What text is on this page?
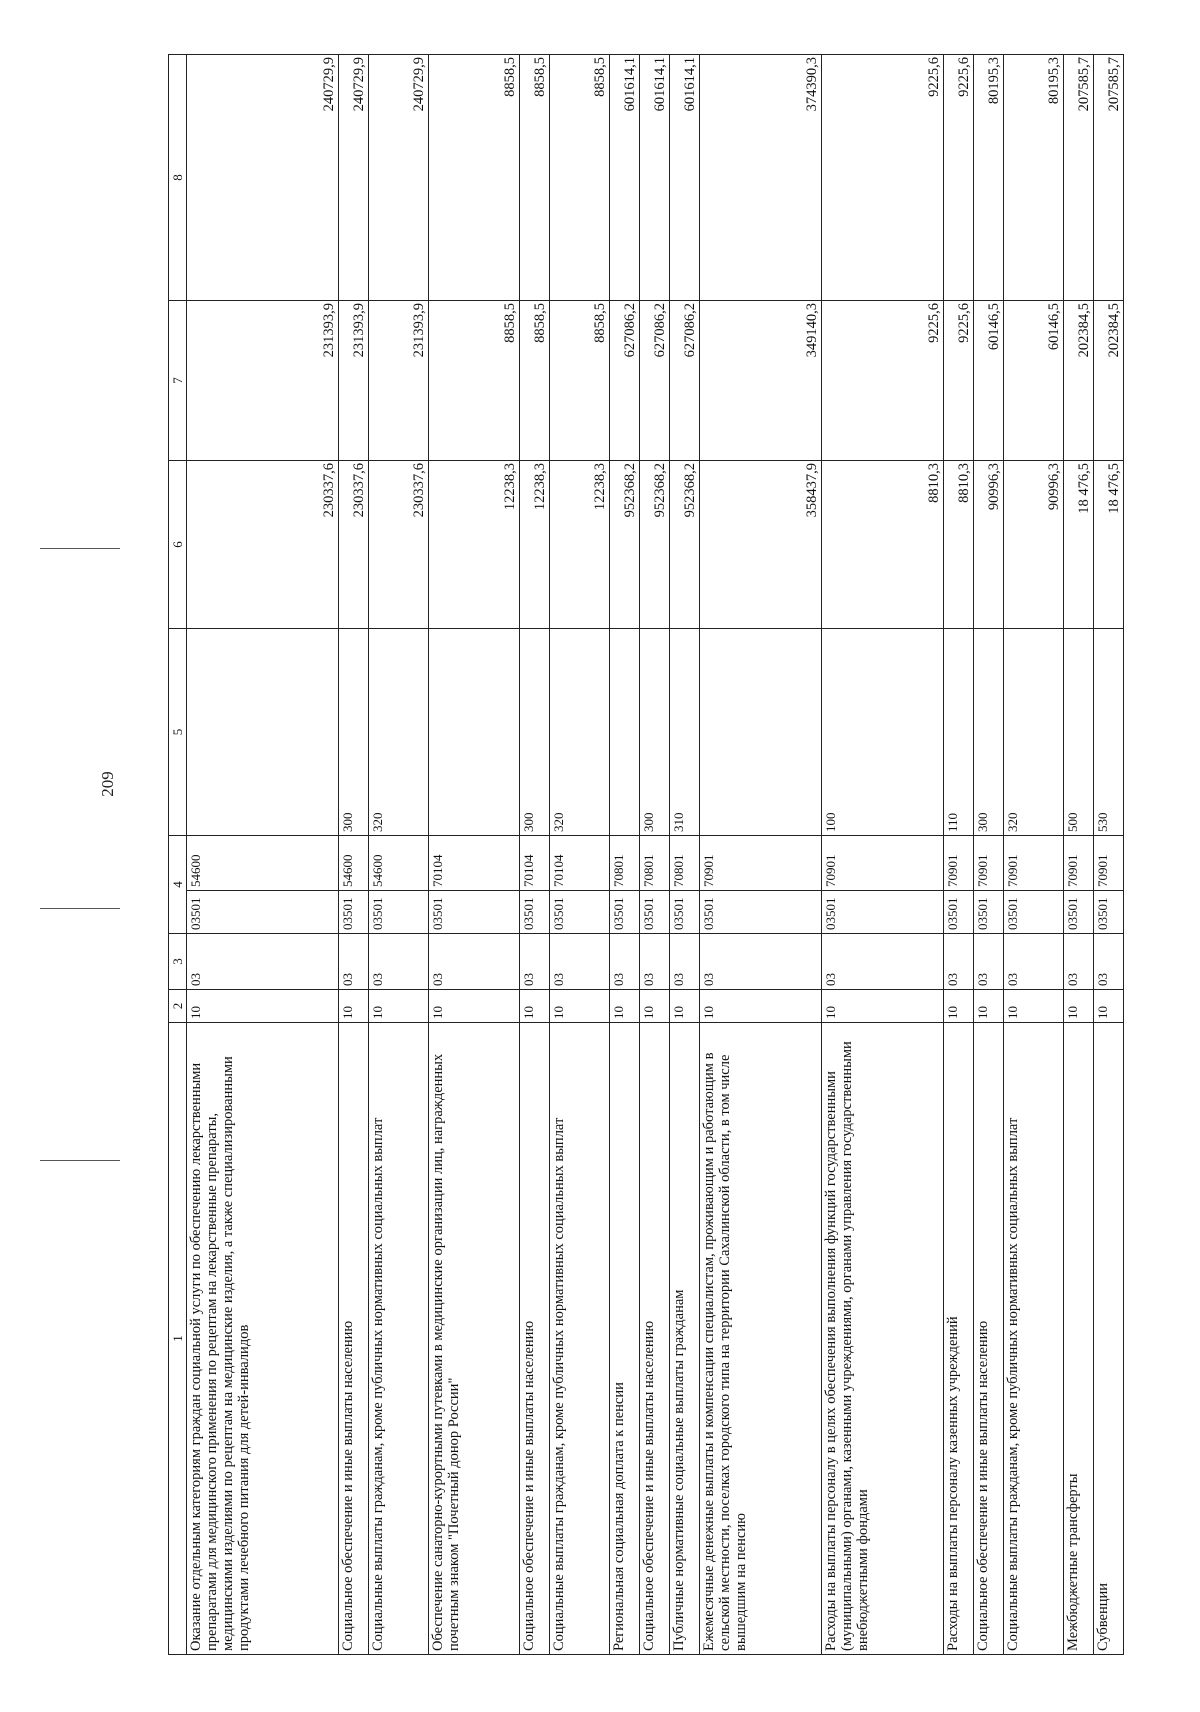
209
1	2	3	4		5	6	7	8
Оказание отдельным категориям граждан социальной услуги по обеспечению лекарственными препаратами для медицинского применения по рецептам на лекарственные препараты, медицинскими изделиями по рецептам на медицинские изделия, а также специализированными продуктами лечебного питания для детей-инвалидов	10	03	03501	54600		230337,6	231393,9	240729,9
Социальное обеспечение и иные выплаты населению	10	03	03501	54600	300	230337,6	231393,9	240729,9
Социальные выплаты гражданам, кроме публичных нормативных социальных выплат	10	03	03501	54600	320	230337,6	231393,9	240729,9
Обеспечение санаторно-курортными путевками в медицинские организации лиц, награжденных почетным знаком "Почетный донор России"	10	03	03501	70104		12238,3	8858,5	8858,5
Социальное обеспечение и иные выплаты населению	10	03	03501	70104	300	12238,3	8858,5	8858,5
Социальные выплаты гражданам, кроме публичных нормативных социальных выплат	10	03	03501	70104	320	12238,3	8858,5	8858,5
Региональная социальная доплата к пенсии	10	03	03501	70801		952368,2	627086,2	601614,1
Социальное обеспечение и иные выплаты населению	10	03	03501	70801	300	952368,2	627086,2	601614,1
Публичные нормативные социальные выплаты гражданам	10	03	03501	70801	310	952368,2	627086,2	601614,1
Ежемесячные денежные выплаты и компенсации специалистам, проживающим и работающим в сельской местности, поселках городского типа на территории Сахалинской области, в том числе вышедшим на пенсию	10	03	03501	70901		358437,9	349140,3	374390,3
Расходы на выплаты персоналу в целях обеспечения выполнения функций государственными (муниципальными) органами, казенными учреждениями, органами управления государственными внебюджетными фондами	10	03	03501	70901	100	8810,3	9225,6	9225,6
Расходы на выплаты персоналу казенных учреждений	10	03	03501	70901	110	8810,3	9225,6	9225,6
Социальное обеспечение и иные выплаты населению	10	03	03501	70901	300	90996,3	60146,5	80195,3
Социальные выплаты гражданам, кроме публичных нормативных социальных выплат	10	03	03501	70901	320	90996,3	60146,5	80195,3
Межбюджетные трансферты	10	03	03501	70901	500	18 476,5	202384,5	207585,7
Субвенции	10	03	03501	70901	530	18 476,5	202384,5	207585,7
